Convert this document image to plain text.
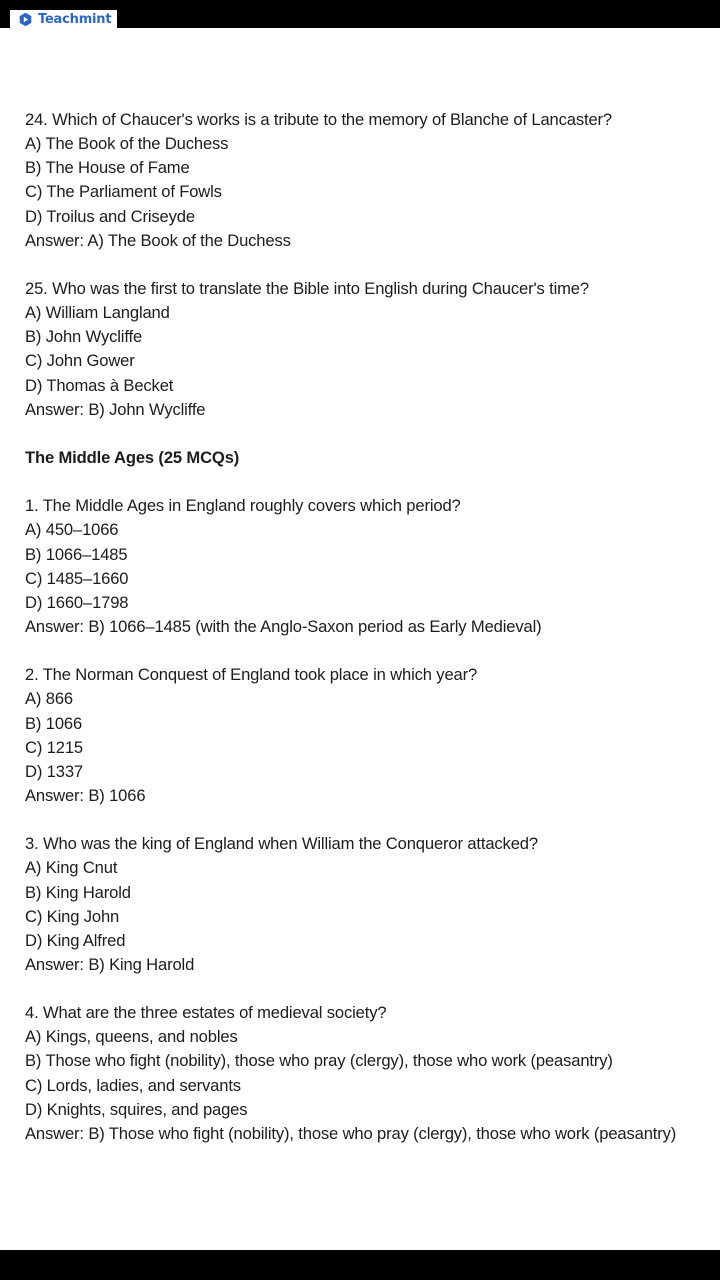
Teachmint
24. Which of Chaucer's works is a tribute to the memory of Blanche of Lancaster?
A) The Book of the Duchess
B) The House of Fame
C) The Parliament of Fowls
D) Troilus and Criseyde
Answer: A) The Book of the Duchess
25. Who was the first to translate the Bible into English during Chaucer's time?
A) William Langland
B) John Wycliffe
C) John Gower
D) Thomas à Becket
Answer: B) John Wycliffe
The Middle Ages (25 MCQs)
1. The Middle Ages in England roughly covers which period?
A) 450–1066
B) 1066–1485
C) 1485–1660
D) 1660–1798
Answer: B) 1066–1485 (with the Anglo-Saxon period as Early Medieval)
2. The Norman Conquest of England took place in which year?
A) 866
B) 1066
C) 1215
D) 1337
Answer: B) 1066
3. Who was the king of England when William the Conqueror attacked?
A) King Cnut
B) King Harold
C) King John
D) King Alfred
Answer: B) King Harold
4. What are the three estates of medieval society?
A) Kings, queens, and nobles
B) Those who fight (nobility), those who pray (clergy), those who work (peasantry)
C) Lords, ladies, and servants
D) Knights, squires, and pages
Answer: B) Those who fight (nobility), those who pray (clergy), those who work (peasantry)
